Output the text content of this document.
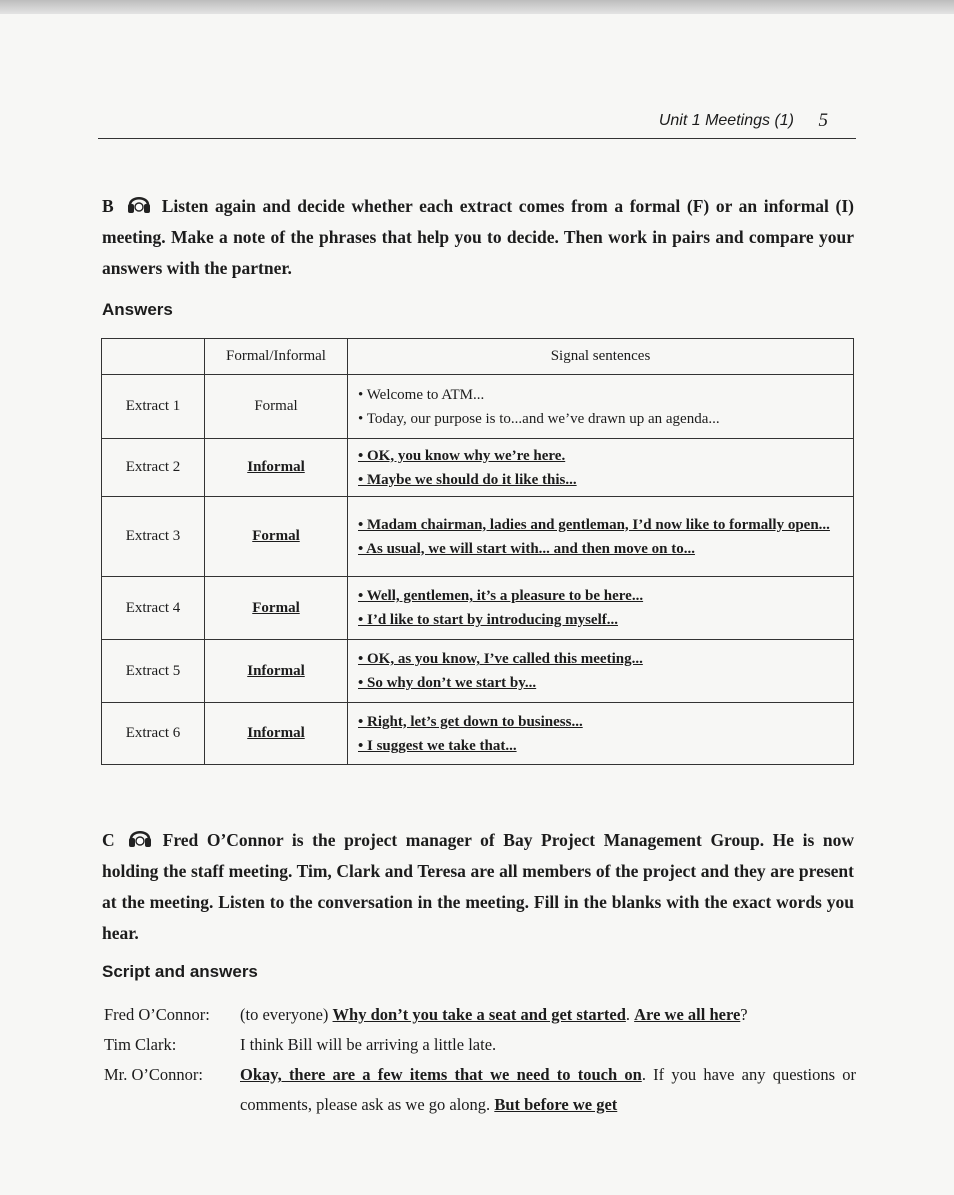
Unit 1 Meetings (1) 5
B	Listen again and decide whether each extract comes from a formal (F) or an informal (I) meeting. Make a note of the phrases that help you to decide. Then work in pairs and compare your answers with the partner.
Answers
	Formal/Informal	Signal sentences
Extract 1	Formal	• Welcome to ATM...
• Today, our purpose is to...and we’ve drawn up an agenda...

Extract 2	Informal	• OK, you know why we’re here.
• Maybe we should do it like this...

Extract 3	Formal	• Madam chairman, ladies and gentleman, I’d now like to formally open...
• As usual, we will start with... and then move on to...

Extract 4	Formal	• Well, gentlemen, it’s a pleasure to be here...
• I’d like to start by introducing myself...

Extract 5	Informal	• OK, as you know, I’ve called this meeting...
• So why don’t we start by...

Extract 6	Informal	• Right, let’s get down to business...
• I suggest we take that...
C	Fred O’Connor is the project manager of Bay Project Management Group. He is now holding the staff meeting. Tim, Clark and Teresa are all members of the project and they are present at the meeting. Listen to the conversation in the meeting. Fill in the blanks with the exact words you hear.
Script and answers
Fred O’Connor:	(to everyone) Why don’t you take a seat and get started. Are we all here?
Tim Clark:	I think Bill will be arriving a little late.
Mr. O’Connor:	Okay, there are a few items that we need to touch on. If you have any questions or comments, please ask as we go along. But before we get
